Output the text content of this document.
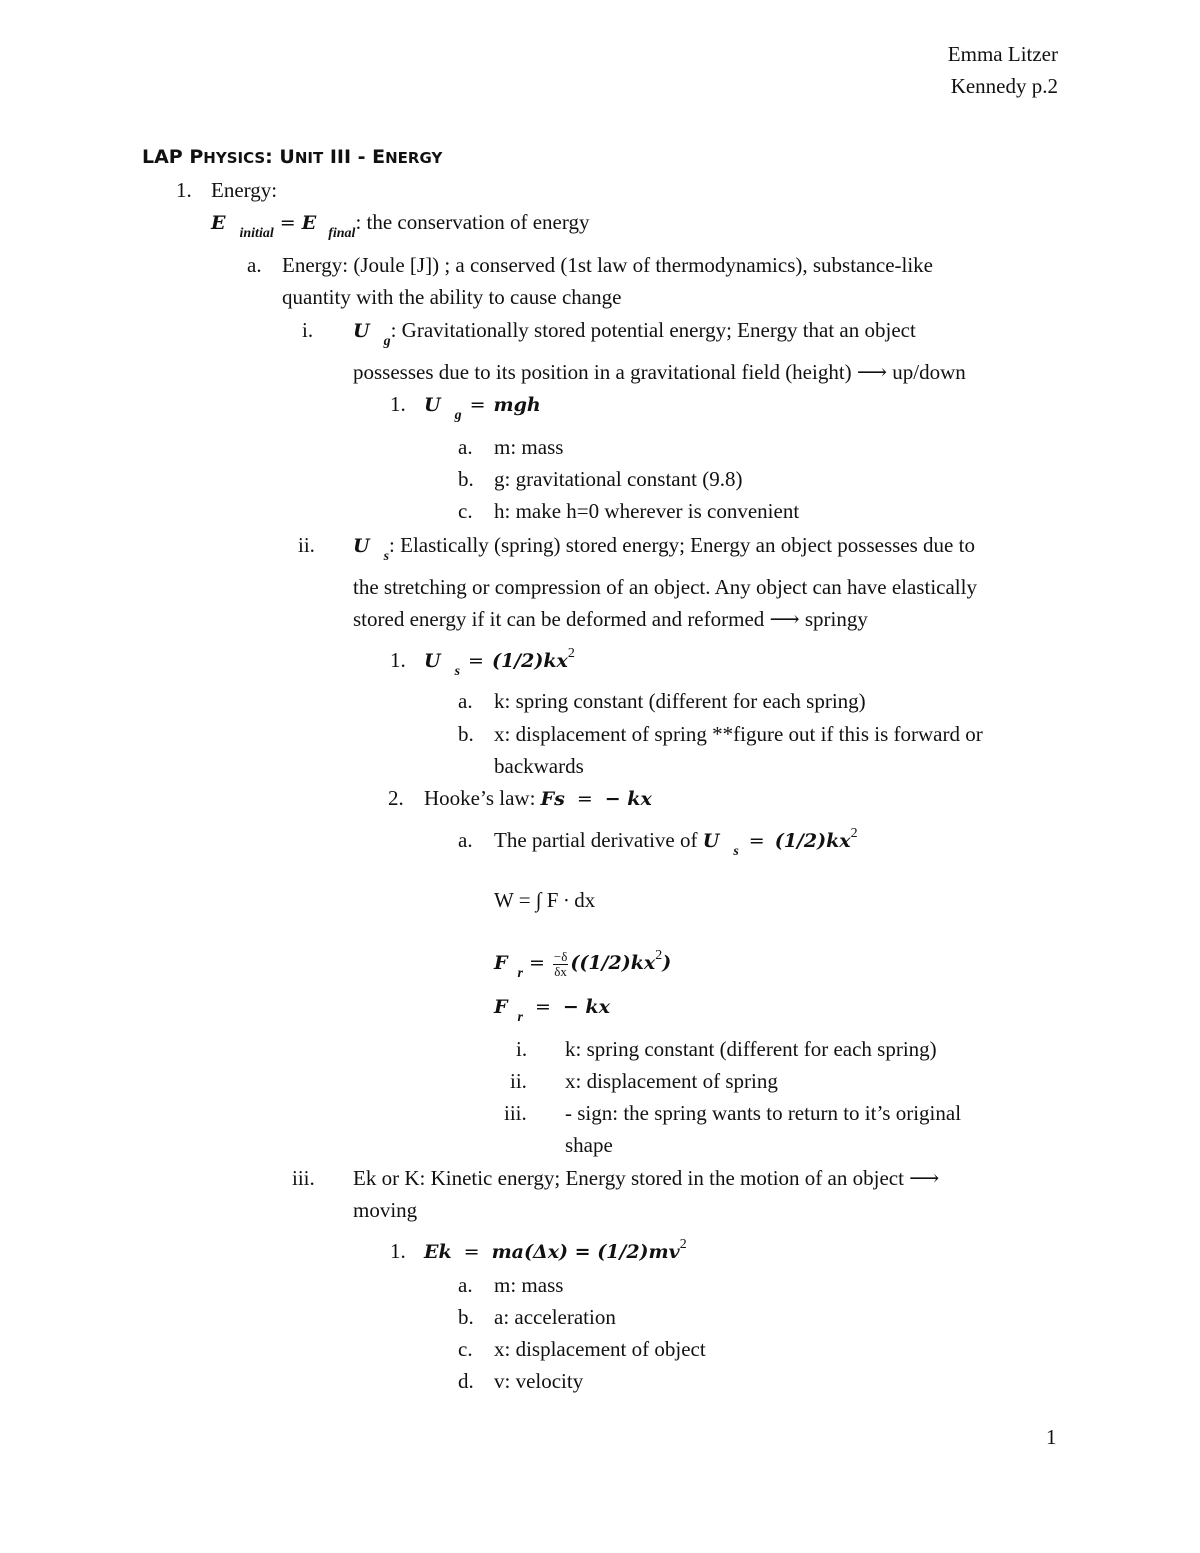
Emma Litzer
Kennedy p.2
LAP PHYSICS: UNIT III - ENERGY
1. Energy:
E $_{initial}$ = E $_{final}$: the conservation of energy
a. Energy: (Joule [J]) ; a conserved (1st law of thermodynamics), substance-like
quantity with the ability to cause change
i. U $_g$: Gravitationally stored potential energy; Energy that an object
possesses due to its position in a gravitational field (height) ⟶ up/down
1. U $_g$ = mgh
a. m: mass
b. g: gravitational constant (9.8)
c. h: make h=0 wherever is convenient
ii. U $_s$: Elastically (spring) stored energy; Energy an object possesses due to
the stretching or compression of an object. Any object can have elastically
stored energy if it can be deformed and reformed ⟶ springy
1. U $_s = (1/2)kx^2$
a. k: spring constant (different for each spring)
b. x: displacement of spring **figure out if this is forward or
backwards
2. Hooke’s law: Fs = − kx
a. The partial derivative of U $_s = (1/2)kx^2$
W = ∫ F ∙ dx
F $_r = \frac{-\delta}{\delta x} ((1/2)kx^2)$
F $_r$ = − kx
i. k: spring constant (different for each spring)
ii. x: displacement of spring
iii. - sign: the spring wants to return to it’s original
shape
iii. Ek or K: Kinetic energy; Energy stored in the motion of an object ⟶
moving
1. $Ek = ma(\Delta x) = (1/2)mv^2$
a. m: mass
b. a: acceleration
c. x: displacement of object
d. v: velocity
1
